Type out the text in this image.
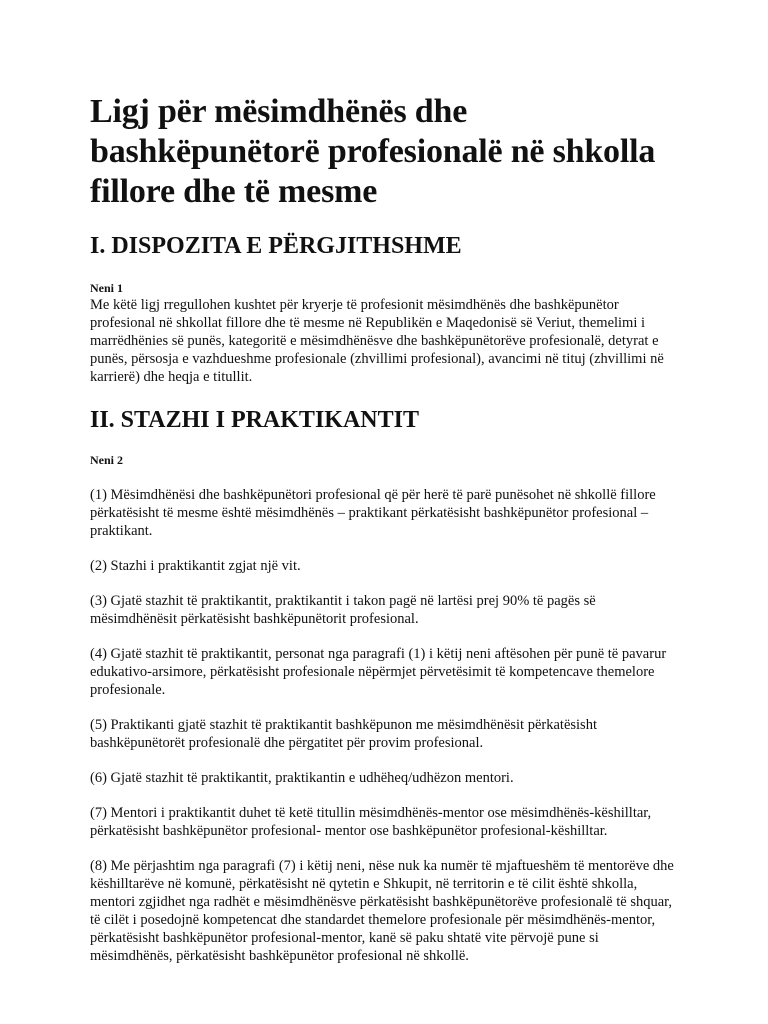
Ligj për mësimdhënës dhe bashkëpunëtorë profesionalë në shkolla fillore dhe të mesme
I. DISPOZITA E PËRGJITHSHME
Neni 1

Me këtë ligj rregullohen kushtet për kryerje të profesionit mësimdhënës dhe bashkëpunëtor profesional në shkollat fillore dhe të mesme në Republikën e Maqedonisë së Veriut, themelimi i marrëdhënies së punës, kategoritë e mësimdhënësve dhe bashkëpunëtorëve profesionalë, detyrat e punës, përsosja e vazhdueshme profesionale (zhvillimi profesional), avancimi në tituj (zhvillimi në karrierë) dhe heqja e titullit.

II. STAZHI I PRAKTIKANTIT
Neni 2

(1) Mësimdhënësi dhe bashkëpunëtori profesional që për herë të parë punësohet në shkollë fillore përkatësisht të mesme është mësimdhënës – praktikant përkatësisht bashkëpunëtor profesional – praktikant.

(2) Stazhi i praktikantit zgjat një vit.

(3) Gjatë stazhit të praktikantit, praktikantit i takon pagë në lartësi prej 90% të pagës së mësimdhënësit përkatësisht bashkëpunëtorit profesional.

(4) Gjatë stazhit të praktikantit, personat nga paragrafi (1) i këtij neni aftësohen për punë të pavarur edukativo-arsimore, përkatësisht profesionale nëpërmjet përvetësimit të kompetencave themelore profesionale.

(5) Praktikanti gjatë stazhit të praktikantit bashkëpunon me mësimdhënësit përkatësisht bashkëpunëtorët profesionalë dhe përgatitet për provim profesional.

(6) Gjatë stazhit të praktikantit, praktikantin e udhëheq/udhëzon mentori.

(7) Mentori i praktikantit duhet të ketë titullin mësimdhënës-mentor ose mësimdhënës-këshilltar, përkatësisht bashkëpunëtor profesional- mentor ose bashkëpunëtor profesional-këshilltar.

(8) Me përjashtim nga paragrafi (7) i këtij neni, nëse nuk ka numër të mjaftueshëm të mentorëve dhe këshilltarëve në komunë, përkatësisht në qytetin e Shkupit, në territorin e të cilit është shkolla, mentori zgjidhet nga radhët e mësimdhënësve përkatësisht bashkëpunëtorëve profesionalë të shquar, të cilët i posedojnë kompetencat dhe standardet themelore profesionale për mësimdhënës-mentor, përkatësisht bashkëpunëtor profesional-mentor, kanë së paku shtatë vite përvojë pune si mësimdhënës, përkatësisht bashkëpunëtor profesional në shkollë.
